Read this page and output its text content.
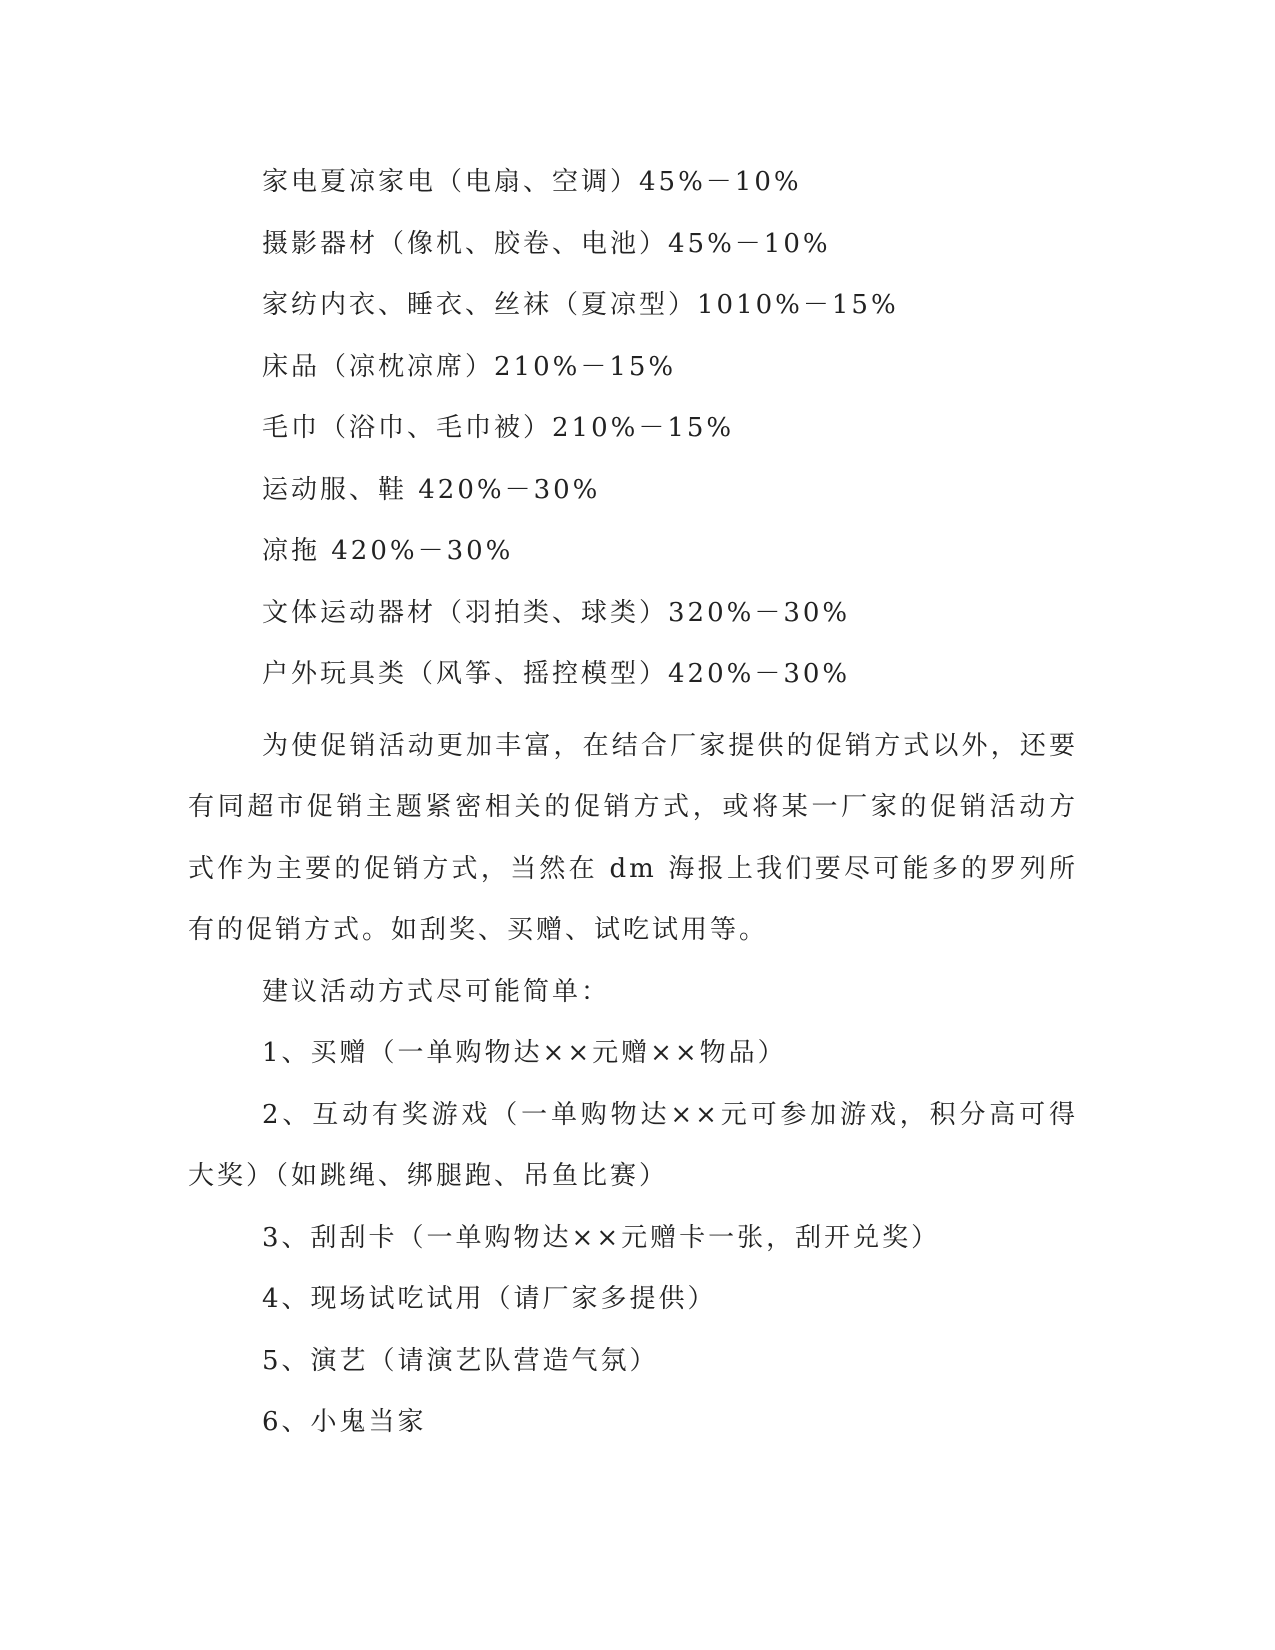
家电夏凉家电（电扇、空调）45%－10%
摄影器材（像机、胶卷、电池）45%－10%
家纺内衣、睡衣、丝袜（夏凉型）1010%－15%
床品（凉枕凉席）210%－15%
毛巾（浴巾、毛巾被）210%－15%
运动服、鞋 420%－30%
凉拖 420%－30%
文体运动器材（羽拍类、球类）320%－30%
户外玩具类（风筝、摇控模型）420%－30%
为使促销活动更加丰富，在结合厂家提供的促销方式以外，还要有同超市促销主题紧密相关的促销方式，或将某一厂家的促销活动方式作为主要的促销方式，当然在 dm 海报上我们要尽可能多的罗列所有的促销方式。如刮奖、买赠、试吃试用等。
建议活动方式尽可能简单：
1、买赠（一单购物达××元赠××物品）
2、互动有奖游戏（一单购物达××元可参加游戏，积分高可得大奖）（如跳绳、绑腿跑、吊鱼比赛）
3、刮刮卡（一单购物达××元赠卡一张，刮开兑奖）
4、现场试吃试用（请厂家多提供）
5、演艺（请演艺队营造气氛）
6、小鬼当家
